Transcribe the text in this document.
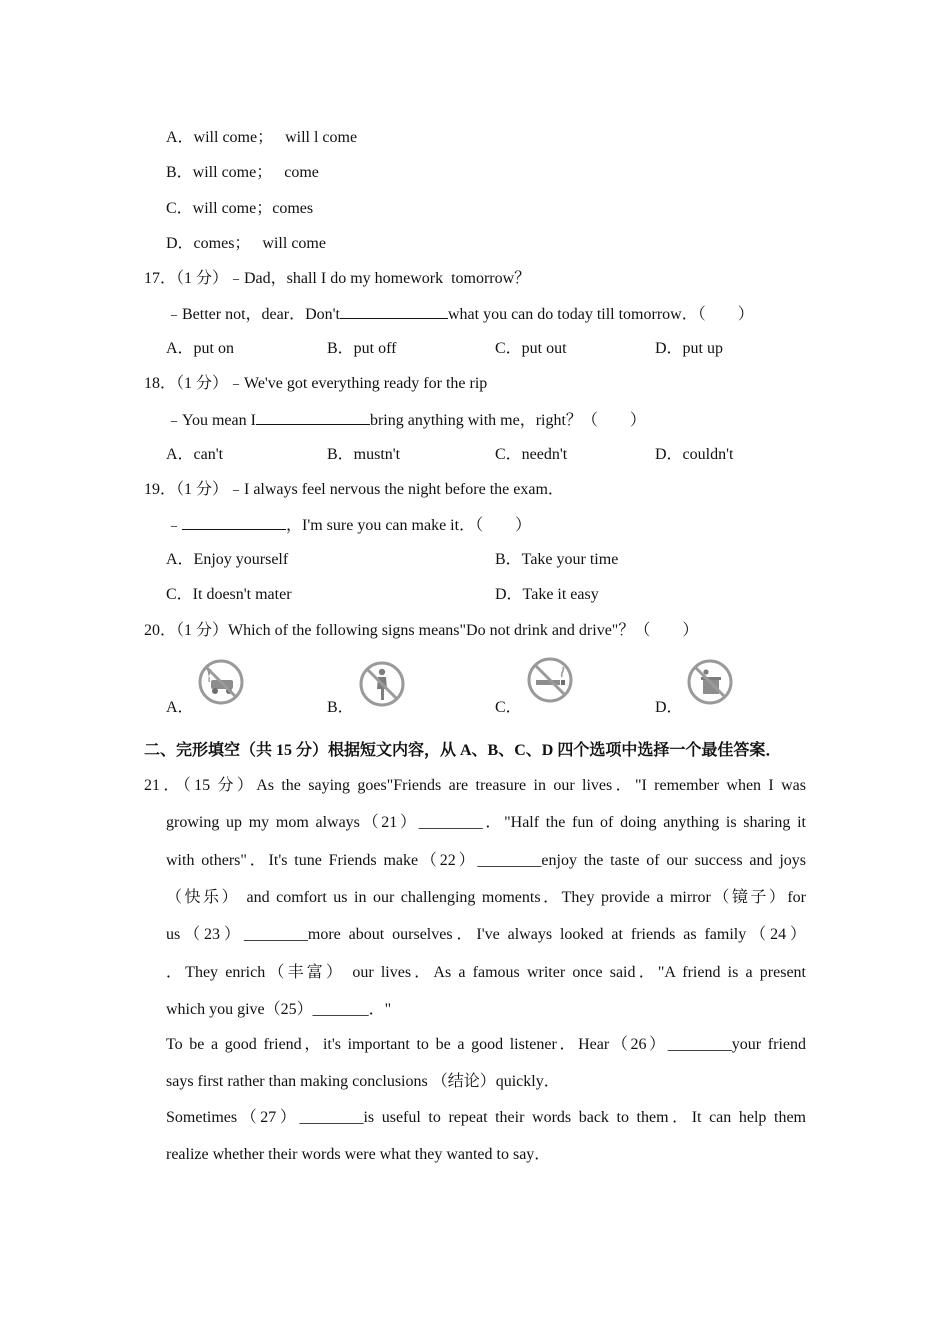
A．will come；   will l come
B．will come；   come
C．will come；comes
D．comes；   will come
17．（1 分）﹣Dad，shall I do my homework  tomorrow？
﹣Better not，dear．Don't	what you can do today till tomorrow．（        ）
A．put on	B．put off	C．put out	D．put up
18．（1 分）﹣We've got everything ready for the rip
﹣You mean I	bring anything with me，right？（        ）
A．can't	B．mustn't	C．needn't	D．couldn't
19．（1 分）﹣I always feel nervous the night before the exam．
﹣	，I'm sure you can make it．（        ）
A．Enjoy yourself	B．Take your time
C．It doesn't mater	D．Take it easy
20．（1 分）Which of the following signs means"Do not drink and drive"？（        ）
A．	B．	C．	D．
二、完形填空（共 15 分）根据短文内容，从 A、B、C、D 四个选项中选择一个最佳答案．
21．（15 分）As the saying goes"Friends are treasure in our lives．"I remember when I was
growing up my mom always（21）________．"Half the fun of doing anything is sharing it
with others"．It's tune Friends make（22）________enjoy the taste of our success and joys
（快乐） and comfort us in our challenging moments．They provide a mirror（镜子）for
us（23）________more about ourselves．I've always looked at friends as family（24）
．They enrich（丰富） our lives．As a famous writer once said．"A friend is a present
which you give（25）_______．"
To be a good friend，it's important to be a good listener．Hear（26）________your friend
says first rather than making conclusions （结论）quickly．
Sometimes（27）________is useful to repeat their words back to them．It can help them
realize whether their words were what they wanted to say．
